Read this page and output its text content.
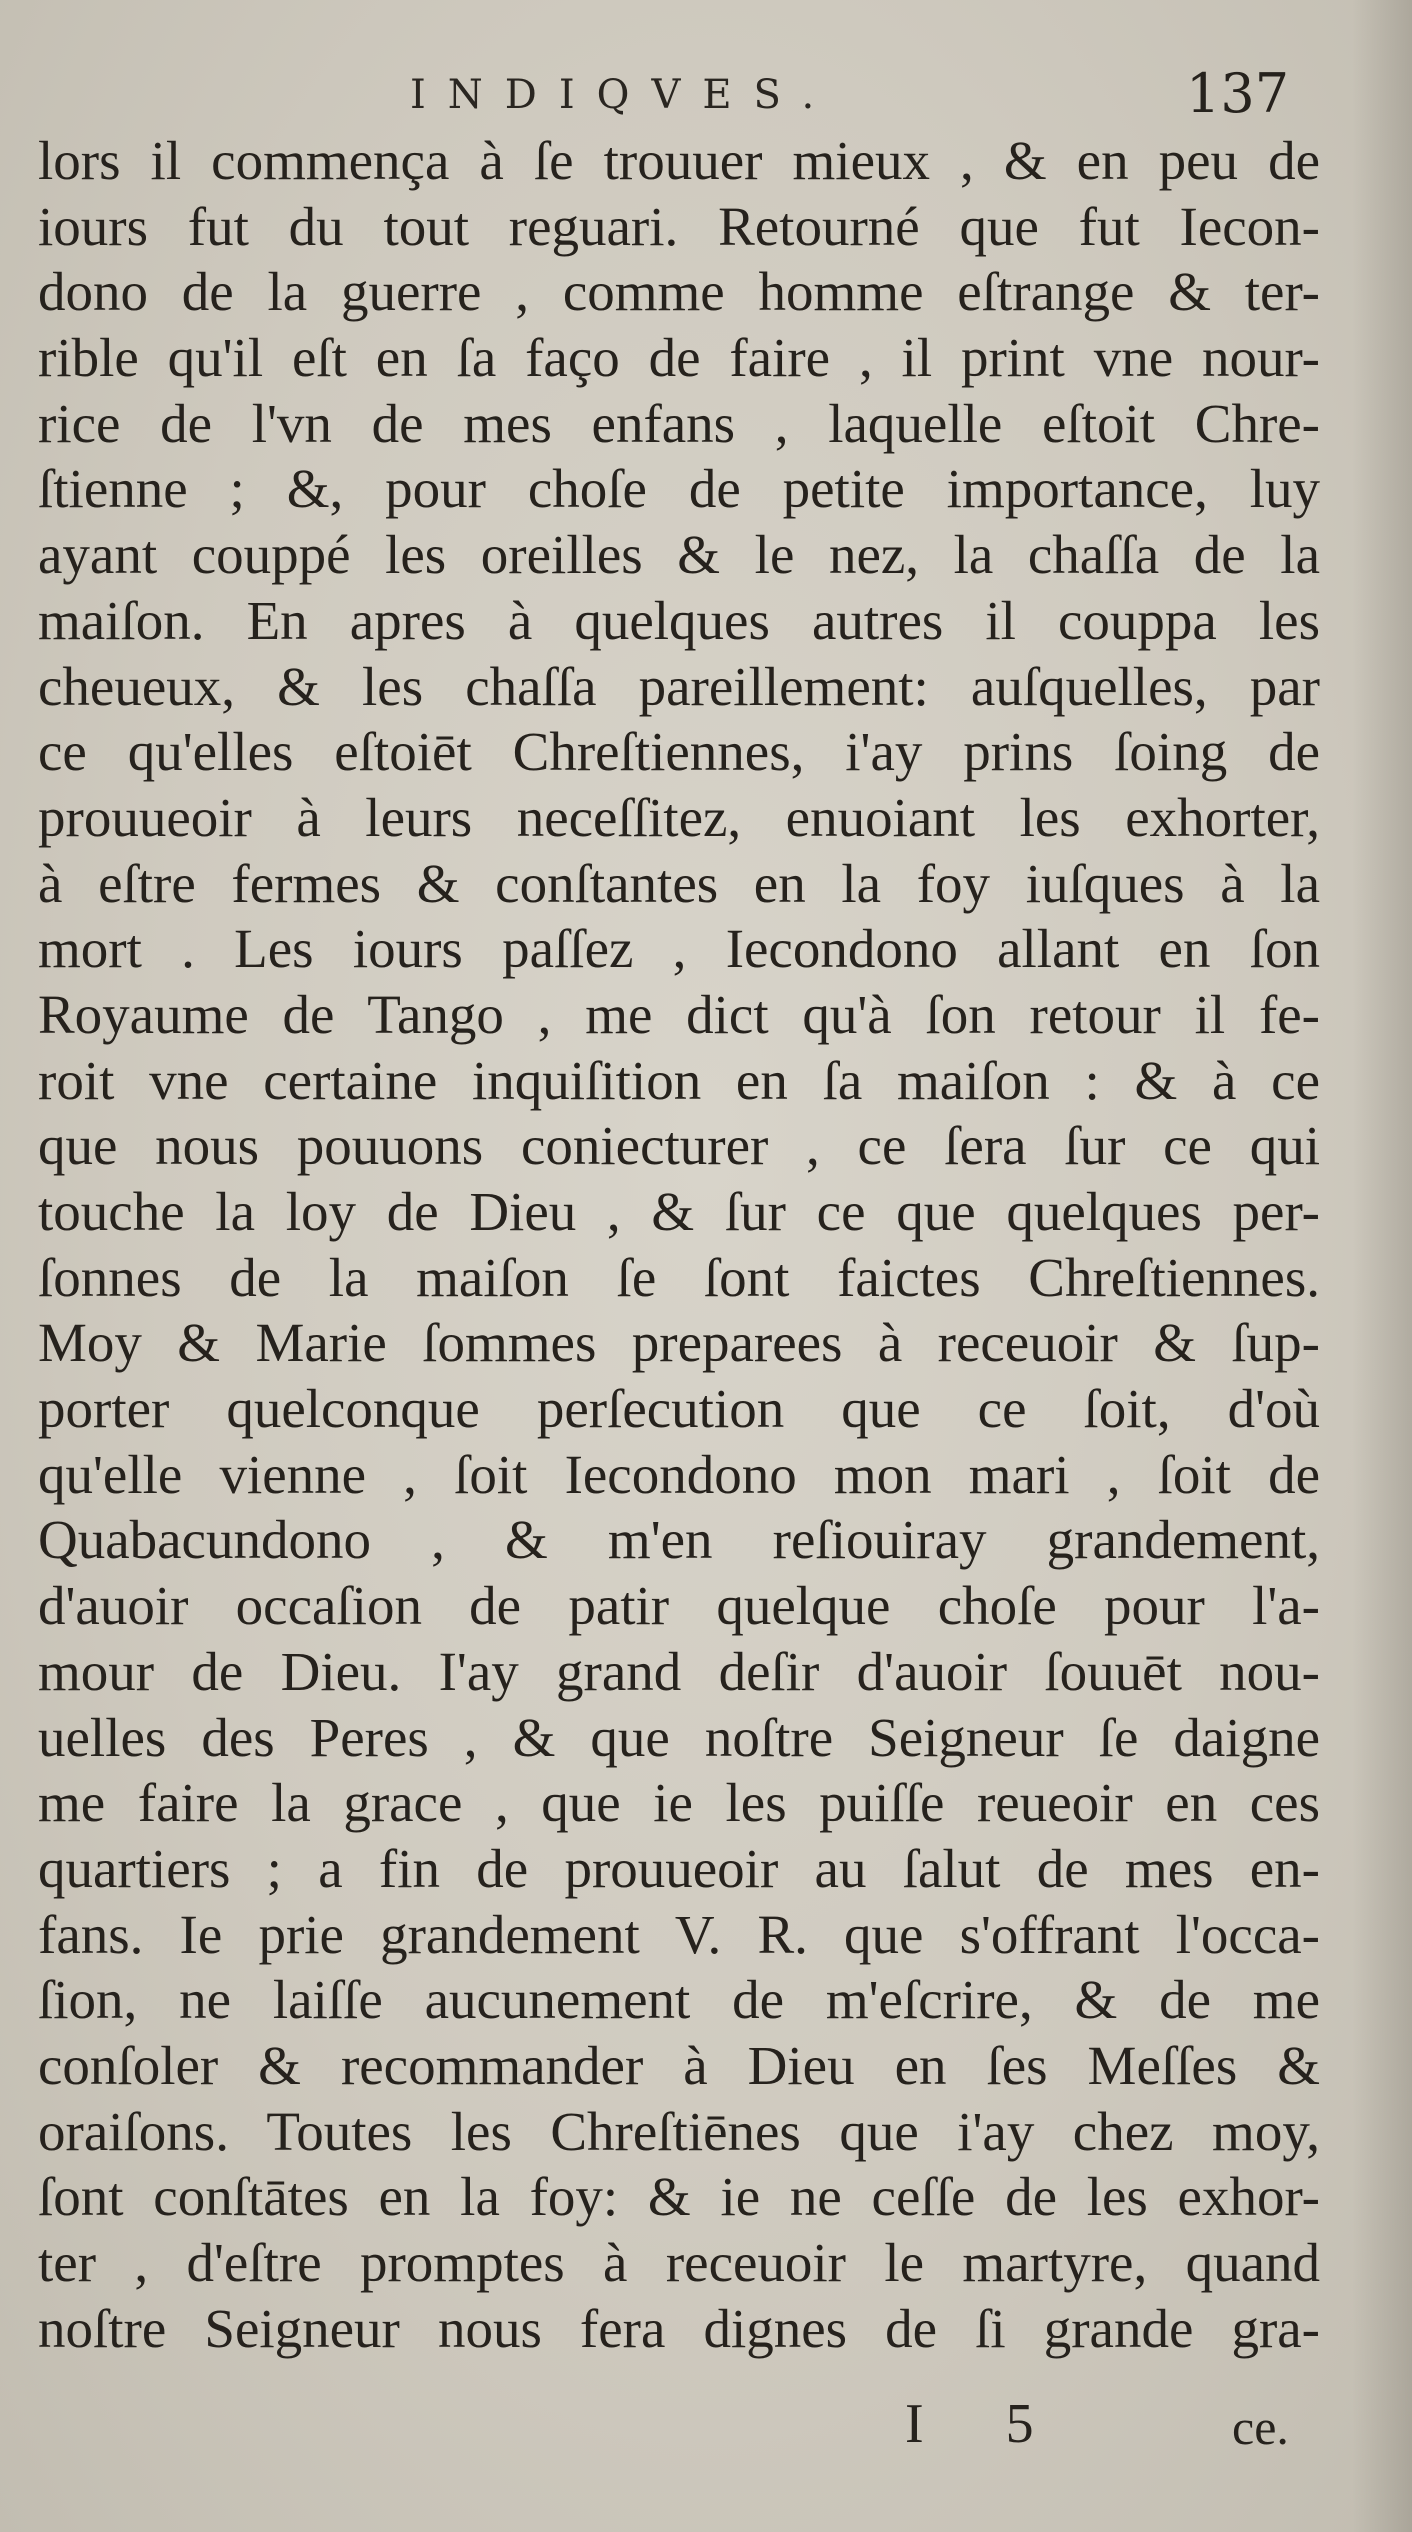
INDIQVES.	137
lors il commença à ſe trouuer mieux , & en peu de
iours fut du tout reguari. Retourné que fut Iecon-
dono de la guerre , comme homme eſtrange & ter-
rible qu'il eſt en ſa faço de faire , il print vne nour-
rice de l'vn de mes enfans , laquelle eſtoit Chre-
ſtienne ; &, pour choſe de petite importance, luy
ayant couppé les oreilles & le nez, la chaſſa de la
maiſon. En apres à quelques autres il couppa les
cheueux, & les chaſſa pareillement: auſquelles, par
ce qu'elles eſtoiēt Chreſtiennes, i'ay prins ſoing de
prouueoir à leurs neceſſitez, enuoiant les exhorter,
à eſtre fermes & conſtantes en la foy iuſques à la
mort . Les iours paſſez , Iecondono allant en ſon
Royaume de Tango , me dict qu'à ſon retour il fe-
roit vne certaine inquiſition en ſa maiſon : & à ce
que nous pouuons coniecturer , ce ſera ſur ce qui
touche la loy de Dieu , & ſur ce que quelques per-
ſonnes de la maiſon ſe ſont faictes Chreſtiennes.
Moy & Marie ſommes preparees à receuoir & ſup-
porter quelconque perſecution que ce ſoit, d'où
qu'elle vienne , ſoit Iecondono mon mari , ſoit de
Quabacundono , & m'en reſiouiray grandement,
d'auoir occaſion de patir quelque choſe pour l'a-
mour de Dieu. I'ay grand deſir d'auoir ſouuēt nou-
uelles des Peres , & que noſtre Seigneur ſe daigne
me faire la grace , que ie les puiſſe reueoir en ces
quartiers ; a fin de prouueoir au ſalut de mes en-
fans. Ie prie grandement V. R. que s'offrant l'occa-
ſion, ne laiſſe aucunement de m'eſcrire, & de me
conſoler & recommander à Dieu en ſes Meſſes &
oraiſons. Toutes les Chreſtiēnes que i'ay chez moy,
ſont conſtātes en la foy: & ie ne ceſſe de les exhor-
ter , d'eſtre promptes à receuoir le martyre, quand
noſtre Seigneur nous fera dignes de ſi grande gra-
I 5	ce.
